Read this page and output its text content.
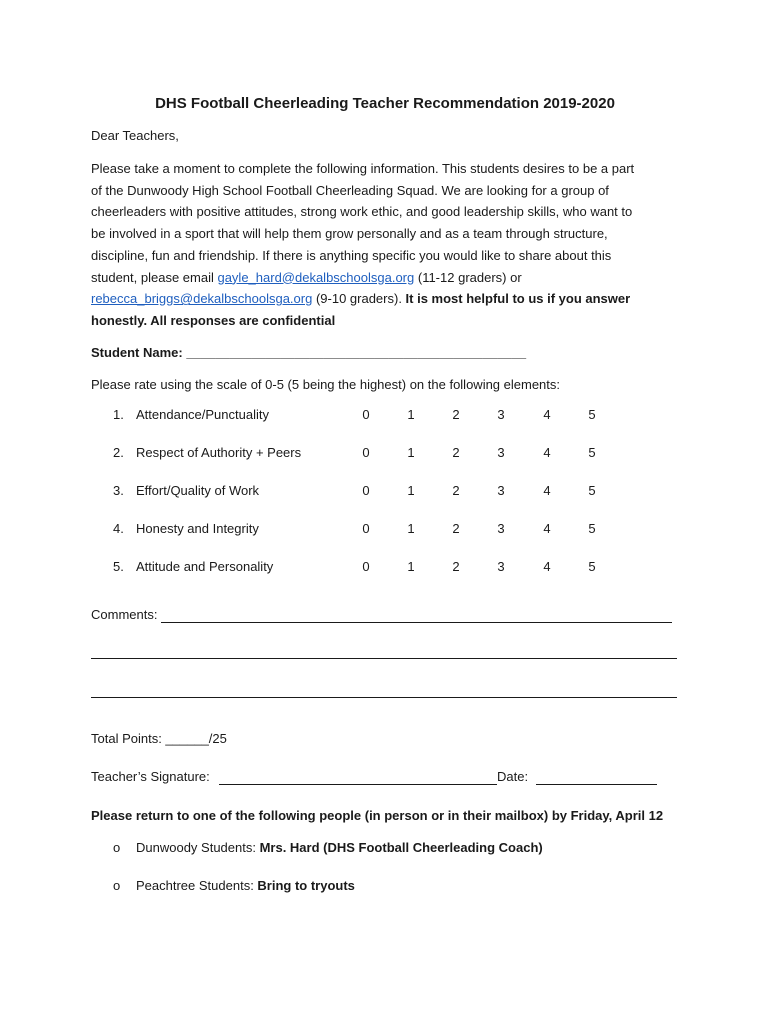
DHS Football Cheerleading Teacher Recommendation 2019-2020
Dear Teachers,
Please take a moment to complete the following information. This students desires to be a part
of the Dunwoody High School Football Cheerleading Squad. We are looking for a group of
cheerleaders with positive attitudes, strong work ethic, and good leadership skills, who want to
be involved in a sport that will help them grow personally and as a team through structure,
discipline, fun and friendship. If there is anything specific you would like to share about this
student, please email gayle_hard@dekalbschoolsga.org (11-12 graders) or
rebecca_briggs@dekalbschoolsga.org (9-10 graders). It is most helpful to us if you answer
honestly. All responses are confidential
Student Name: _______________________________________________
Please rate using the scale of 0-5 (5 being the highest) on the following elements:
1. Attendance/Punctuality	0	1	2	3	4	5
2. Respect of Authority + Peers	0	1	2	3	4	5
3. Effort/Quality of Work	0	1	2	3	4	5
4. Honesty and Integrity	0	1	2	3	4	5
5. Attitude and Personality	0	1	2	3	4	5
Comments:
Total Points: ______/25
Teacher’s Signature:	Date:
Please return to one of the following people (in person or in their mailbox) by Friday, April 12
o Dunwoody Students: Mrs. Hard (DHS Football Cheerleading Coach)
o Peachtree Students: Bring to tryouts
